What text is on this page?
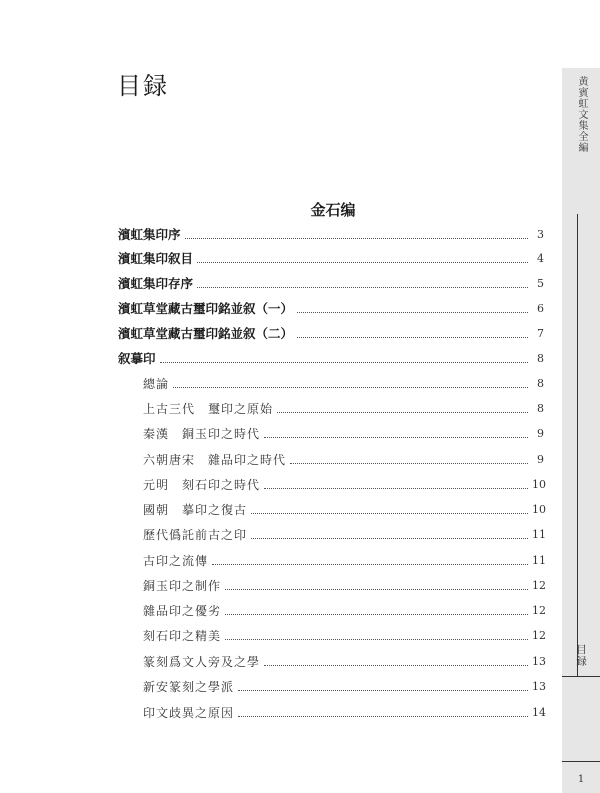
目録
金石编
濱虹集印序	3
濱虹集印叙目	4
濱虹集印存序	5
濱虹草堂藏古璽印銘並叙（一）	6
濱虹草堂藏古璽印銘並叙（二）	7
叙摹印	8
總論	8
上古三代　璽印之原始	8
秦漢　銅玉印之時代	9
六朝唐宋　雜品印之時代	9
元明　刻石印之時代	10
國朝　摹印之復古	10
歷代僞託前古之印	11
古印之流傳	11
銅玉印之制作	12
雜品印之優劣	12
刻石印之精美	12
篆刻爲文人旁及之學	13
新安篆刻之學派	13
印文歧異之原因	14
黄賓虹文集全編
目録
1
